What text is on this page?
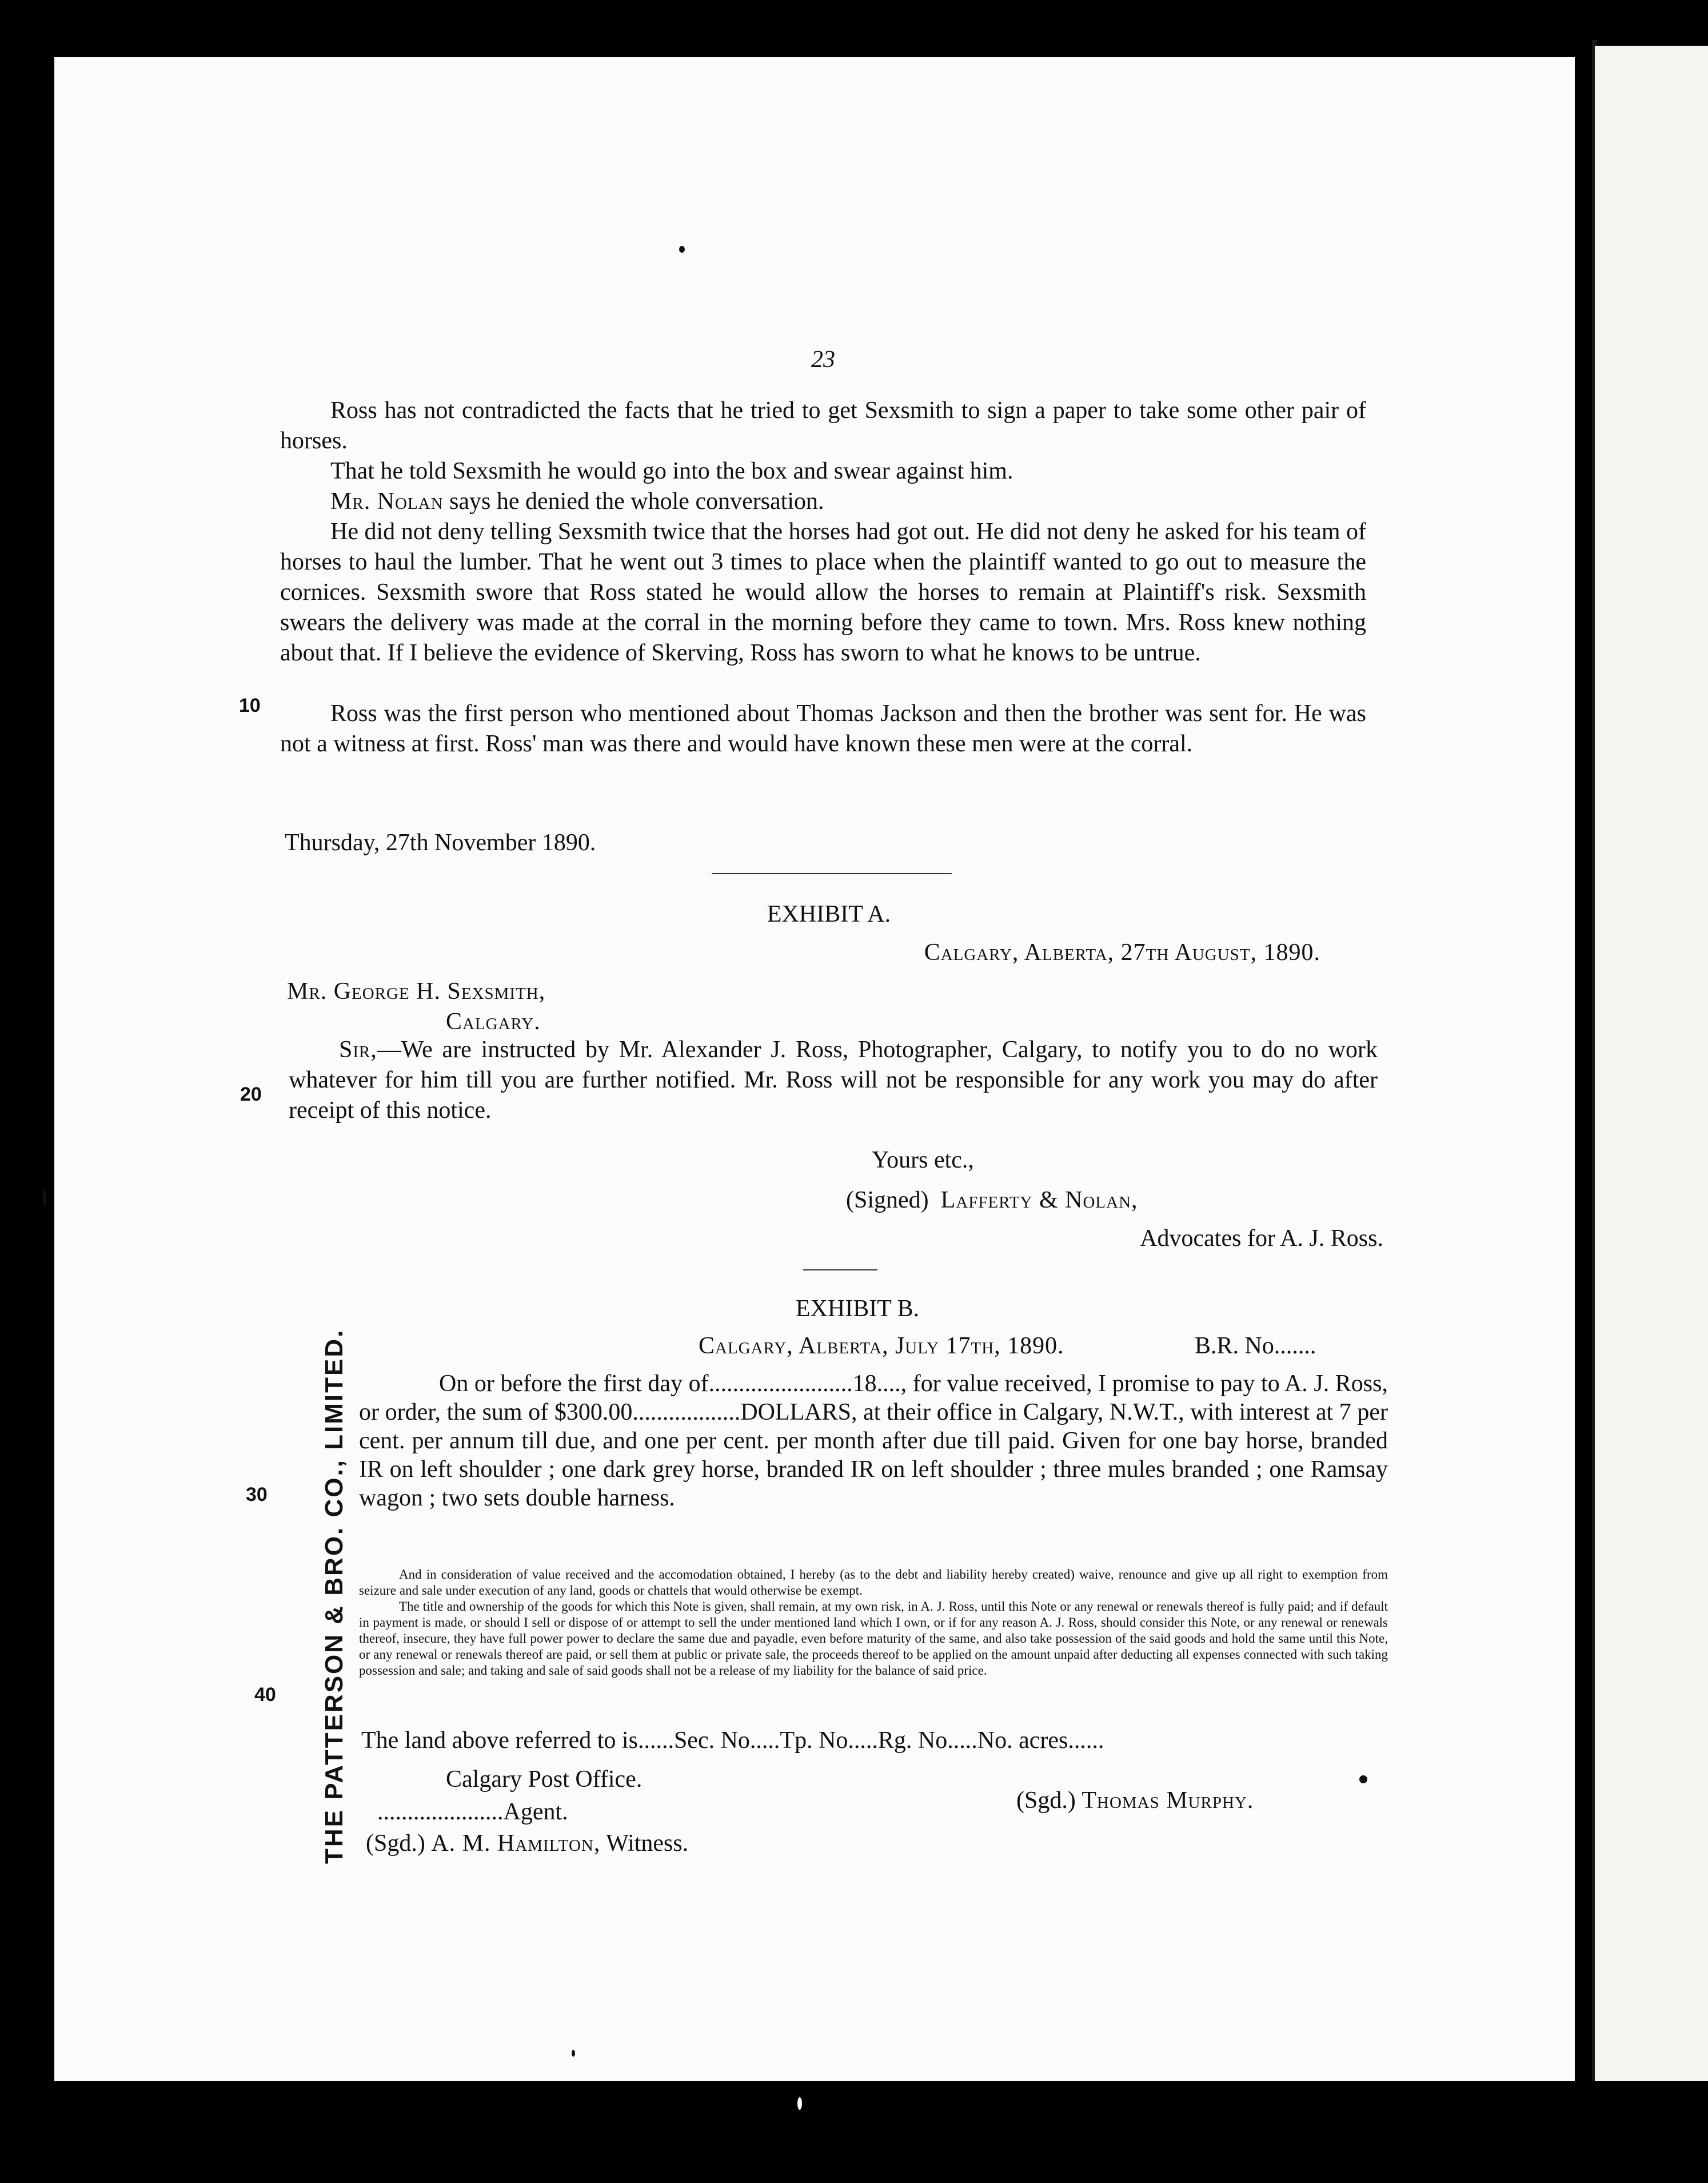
23
Ross has not contradicted the facts that he tried to get Sexsmith to sign a paper to take some other pair of horses.
That he told Sexsmith he would go into the box and swear against him.
Mr. Nolan says he denied the whole conversation.
He did not deny telling Sexsmith twice that the horses had got out. He did not deny he asked for his team of horses to haul the lumber. That he went out 3 times to place when the plaintiff wanted to go out to measure the cornices. Sexsmith swore that Ross stated he would allow the horses to remain at Plaintiff's risk. Sexsmith swears the delivery was made at the corral in the morning before they came to town. Mrs. Ross knew nothing about that. If I believe the evidence of Skerving, Ross has sworn to what he knows to be untrue.
Ross was the first person who mentioned about Thomas Jackson and then the brother was sent for. He was not a witness at first. Ross' man was there and would have known these men were at the corral.
Thursday, 27th November 1890.
10
EXHIBIT A.
Calgary, Alberta, 27th August, 1890.
Mr. George H. Sexsmith,
Calgary.
Sir,—We are instructed by Mr. Alexander J. Ross, Photographer, Calgary, to notify you to do no work whatever for him till you are further notified. Mr. Ross will not be responsible for any work you may do after receipt of this notice.
20
Yours etc.,
(Signed) Lafferty & Nolan,
Advocates for A. J. Ross.
EXHIBIT B.
Calgary, Alberta, July 17th, 1890.	B.R. No.......
On or before the first day of........................18...., for value received, I promise to pay to A. J. Ross, or order, the sum of $300.00..................DOLLARS, at their office in Calgary, N.W.T., with interest at 7 per cent. per annum till due, and one per cent. per month after due till paid. Given for one bay horse, branded IR on left shoulder ; one dark grey horse, branded IR on left shoulder ; three mules branded ; one Ramsay wagon ; two sets double harness.
30

And in consideration of value received and the accomodation obtained, I hereby (as to the debt and liability hereby created) waive, renounce and give up all right to exemption from seizure and sale under execution of any land, goods or chattels that would otherwise be exempt.

The title and ownership of the goods for which this Note is given, shall remain, at my own risk, in A. J. Ross, until this Note or any renewal or renewals thereof is fully paid; and if default in payment is made, or should I sell or dispose of or attempt to sell the under mentioned land which I own, or if for any reason A. J. Ross, should consider this Note, or any renewal or renewals thereof, insecure, they have full power power to declare the same due and payadle, even before maturity of the same, and also take possession of the said goods and hold the same until this Note, or any renewal or renewals thereof are paid, or sell them at public or private sale, the proceeds thereof to be applied on the amount unpaid after deducting all expenses connected with such taking possession and sale; and taking and sale of said goods shall not be a release of my liability for the balance of said price.

40
The land above referred to is......Sec. No.....Tp. No.....Rg. No.....No. acres......
Calgary Post Office.
.....................Agent.	(Sgd.) Thomas Murphy.
(Sgd.) A. M. Hamilton, Witness.
THE PATTERSON & BRO. CO., LIMITED.
